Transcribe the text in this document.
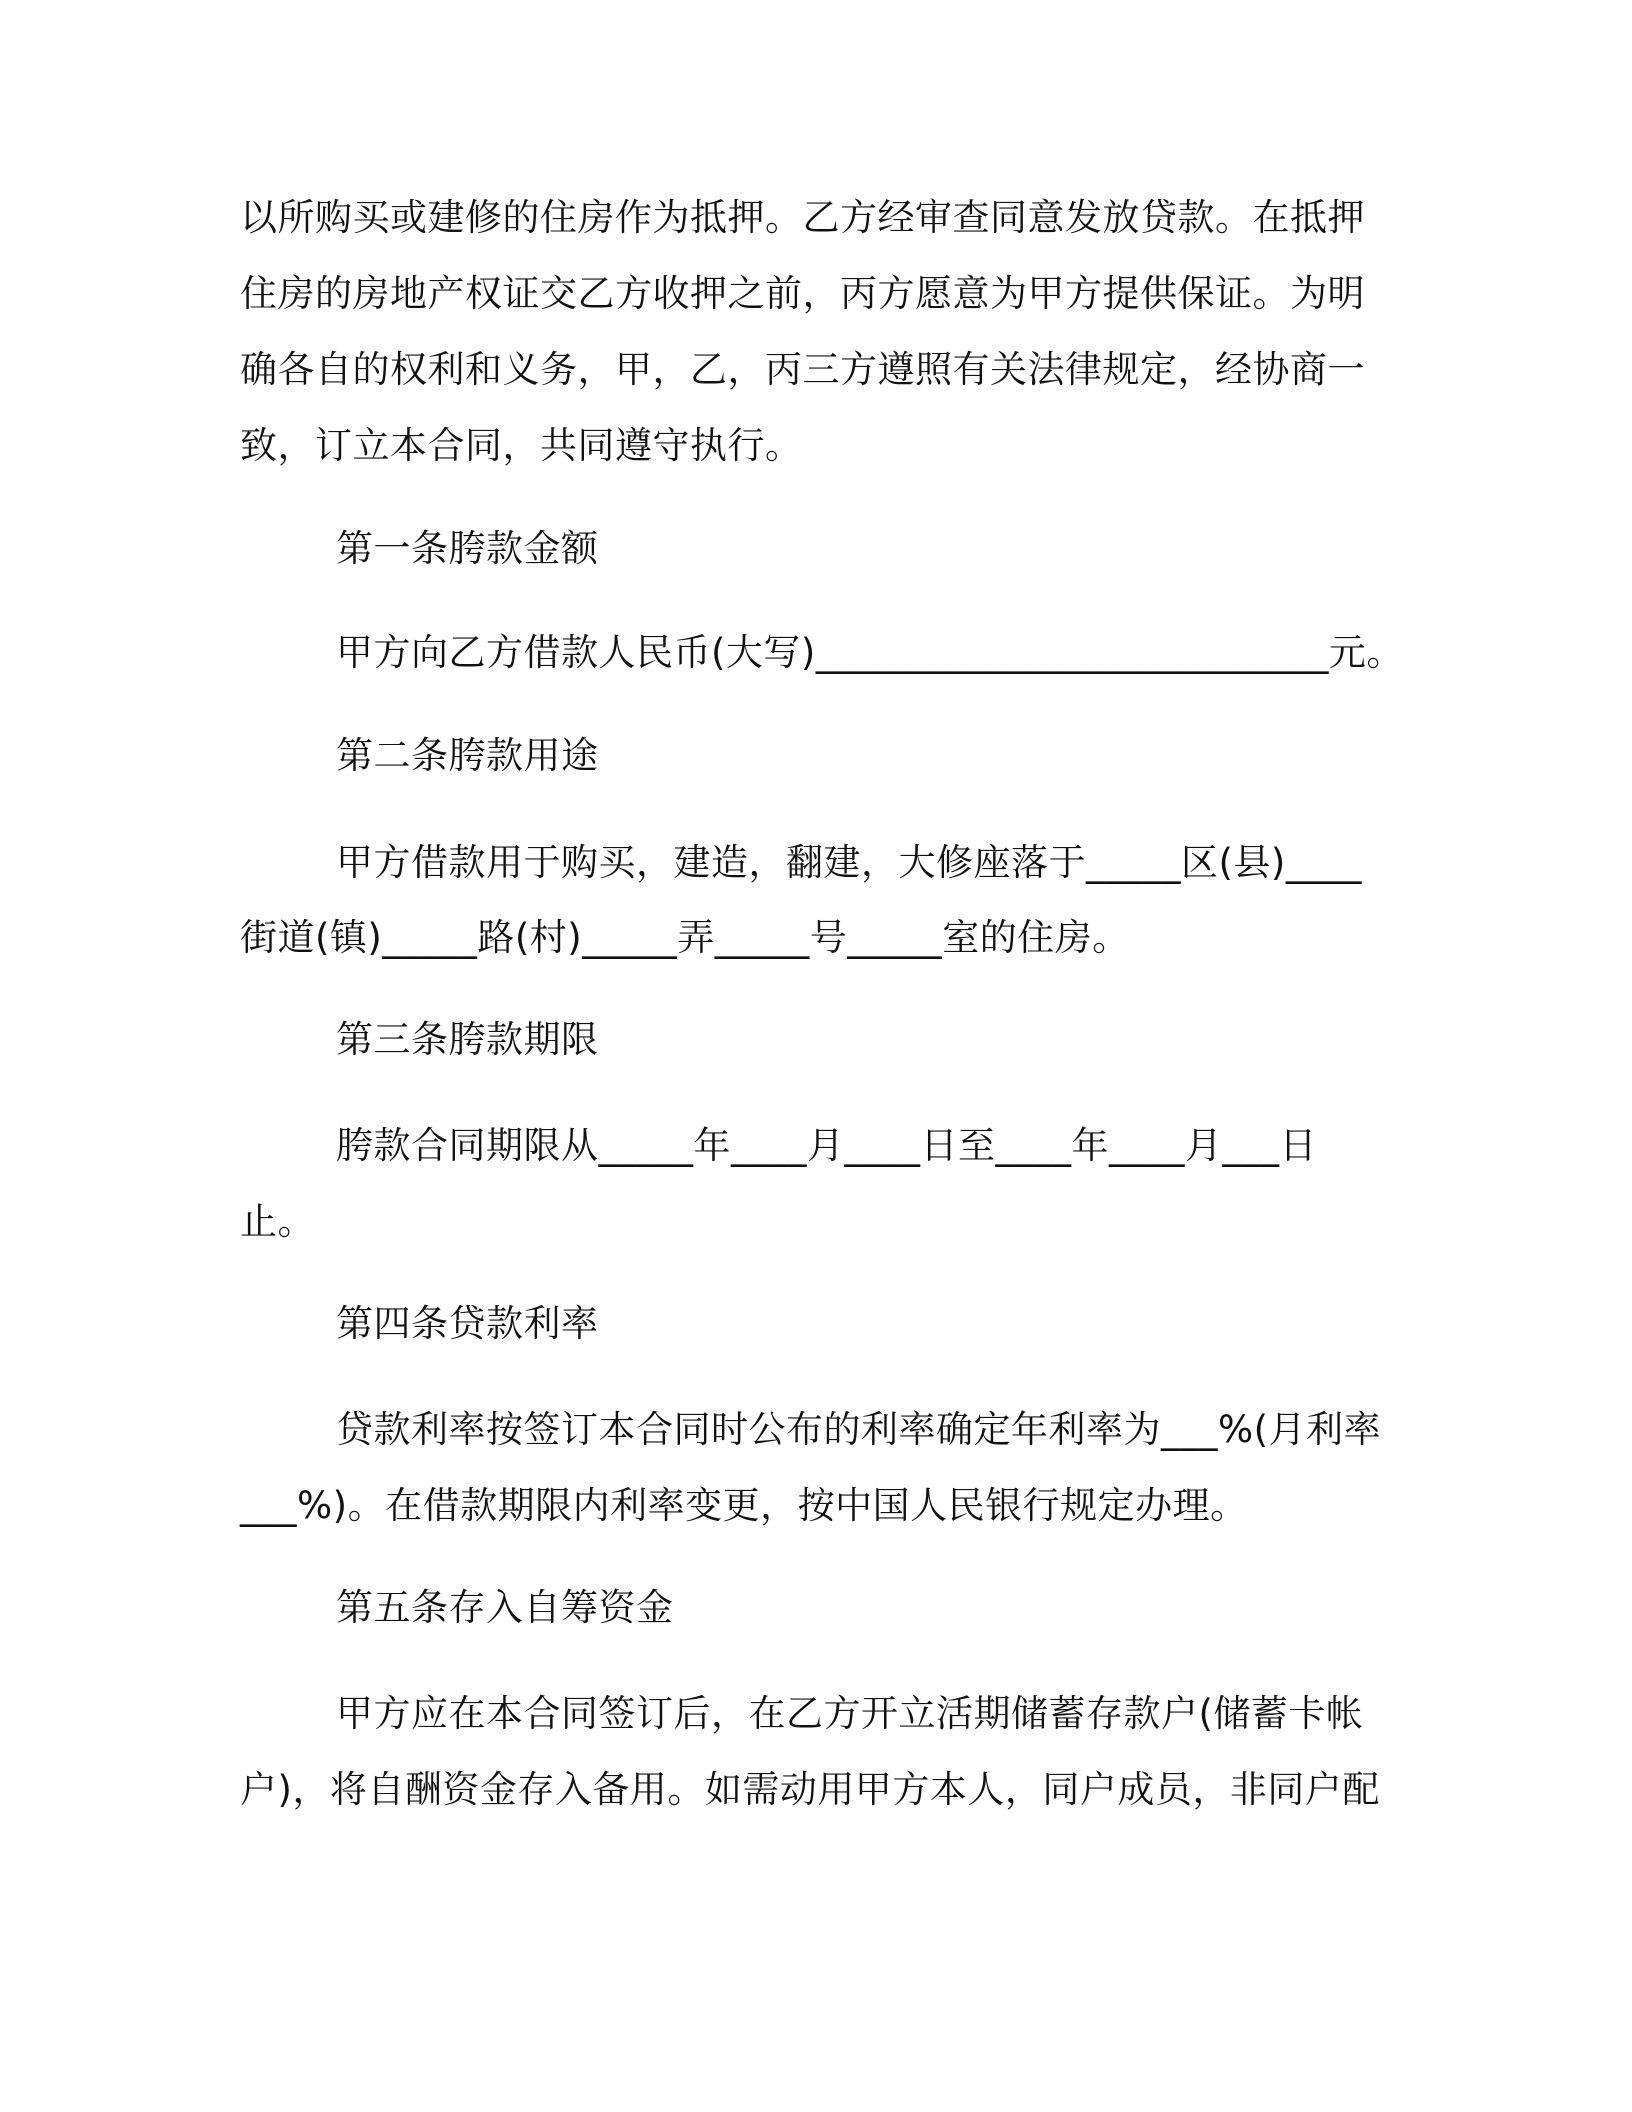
以所购买或建修的住房作为抵押。乙方经审查同意发放贷款。在抵押
住房的房地产权证交乙方收押之前，丙方愿意为甲方提供保证。为明
确各自的权利和义务，甲，乙，丙三方遵照有关法律规定，经协商一
致，订立本合同，共同遵守执行。
第一条胯款金额
甲方向乙方借款人民币(大写)___________________________元。
第二条胯款用途
甲方借款用于购买，建造，翻建，大修座落于_____区(县)____
街道(镇)_____路(村)_____弄_____号_____室的住房。
第三条胯款期限
胯款合同期限从_____年____月____日至____年____月___日
止。
第四条贷款利率
贷款利率按签订本合同时公布的利率确定年利率为___%(月利率
___%)。在借款期限内利率变更，按中国人民银行规定办理。
第五条存入自筹资金
甲方应在本合同签订后，在乙方开立活期储蓄存款户(储蓄卡帐
户)，将自酬资金存入备用。如需动用甲方本人，同户成员，非同户配
